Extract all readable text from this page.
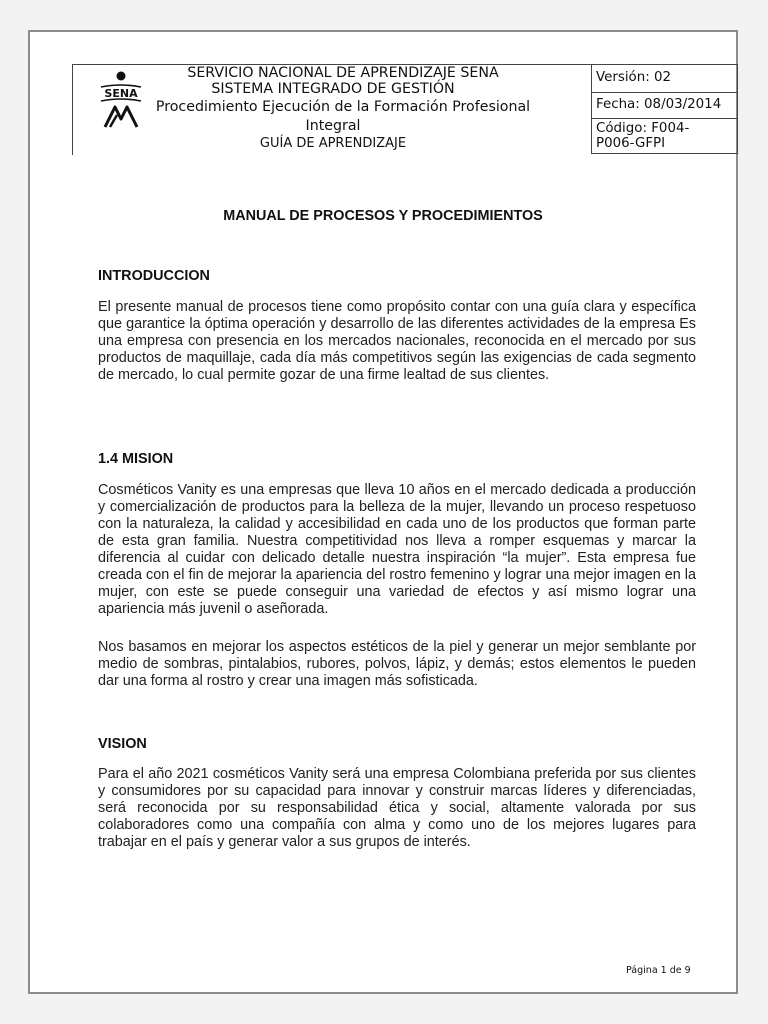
SENA
SERVICIO NACIONAL DE APRENDIZAJE SENA
SISTEMA INTEGRADO DE GESTIÓN
Procedimiento Ejecución de la Formación Profesional
Integral
GUÍA DE APRENDIZAJE
Versión: 02
Fecha: 08/03/2014
Código: F004-
P006-GFPI
MANUAL DE PROCESOS Y PROCEDIMIENTOS
INTRODUCCION

El presente manual de procesos tiene como propósito contar con una guía clara y específica que garantice la óptima operación y desarrollo de las diferentes actividades de la empresa Es una empresa con presencia en los mercados nacionales, reconocida en el mercado por sus productos de maquillaje, cada día más competitivos según las exigencias de cada segmento de mercado, lo cual permite gozar de una firme lealtad de sus clientes.

1.4 MISION

Cosméticos Vanity es una empresas que lleva 10 años en el mercado dedicada a producción y comercialización de productos para la belleza de la mujer, llevando un proceso respetuoso con la naturaleza, la calidad y accesibilidad en cada uno de los productos que forman parte de esta gran familia. Nuestra competitividad nos lleva a romper esquemas y marcar la diferencia al cuidar con delicado detalle nuestra inspiración “la mujer”. Esta empresa fue creada con el fin de mejorar la apariencia del rostro femenino y lograr una mejor imagen en la mujer, con este se puede conseguir una variedad de efectos y así mismo lograr una apariencia más juvenil o aseñorada.

Nos basamos en mejorar los aspectos estéticos de la piel y generar un mejor semblante por medio de sombras, pintalabios, rubores, polvos, lápiz, y demás; estos elementos le pueden dar una forma al rostro y crear una imagen más sofisticada.

VISION

Para el año 2021 cosméticos Vanity será una empresa Colombiana preferida por sus clientes y consumidores por su capacidad para innovar y construir marcas líderes y diferenciadas, será reconocida por su responsabilidad ética y social, altamente valorada por sus colaboradores como una compañía con alma y como uno de los mejores lugares para trabajar en el país y generar valor a sus grupos de interés.

Página 1 de 9
